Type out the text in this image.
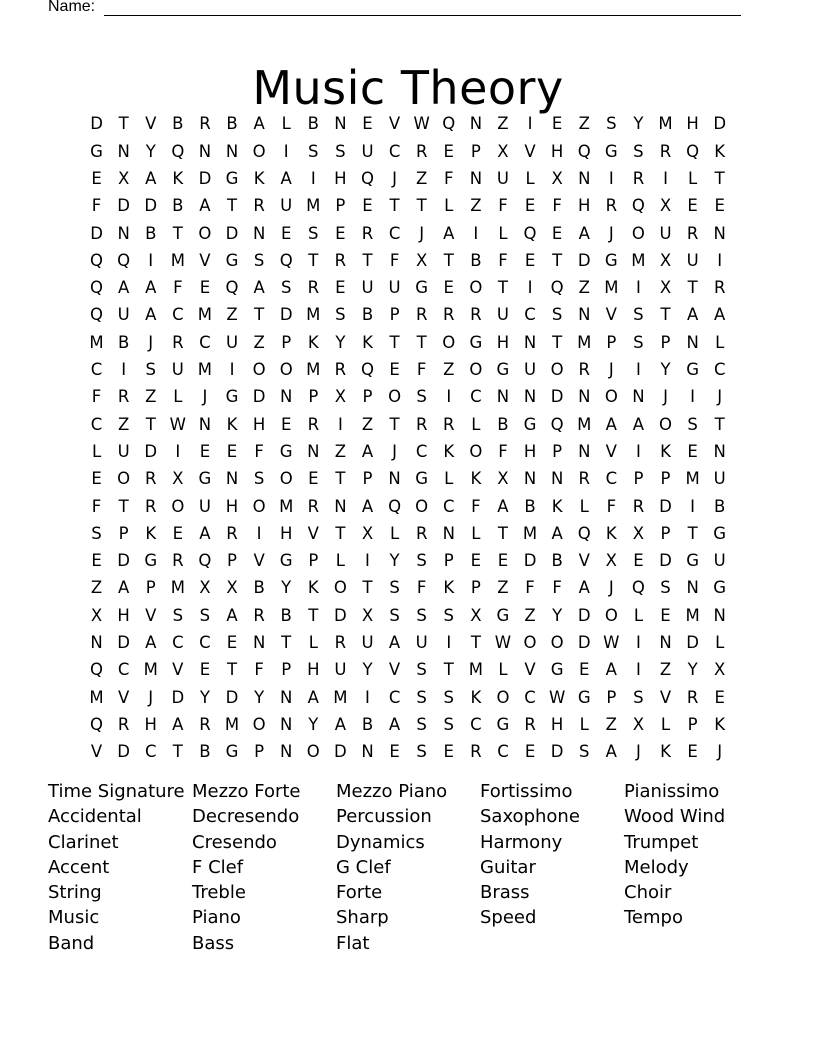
Name:
Music Theory
D T V B R B A	L	B N E V W Q N Z	I	E Z S	Y M H D
G N Y Q N N O	I	S	S U C R E	P X V H Q G S R Q K
E X A K D G K A	I	H Q	J	Z	F N U L	X N	I	R	I	L	T
F D D B A T R U M P	E	T	T	L	Z	F	E	F H R Q X E	E
D N B T O D N E	S	E R C	J	A	I	L Q E A	J	O U R N
Q Q	I	M V G S Q T R T	F	X T B	F	E	T D G M X U	I
Q A A	F	E Q A S R E U U G E O T	I	Q Z M	I	X T R
Q U A C M Z T D M S B P R R R U C S N V S	T A A
M B	J	R C U Z P	K	Y	K	T	T O G H N T M P	S	P N L
C	I	S U M	I	O O M R Q E	F	Z O G U O R	J	I	Y G C
F	R Z	L	J	G D N P X P O S	I	C N N D N O N	J	I	J
C Z T W N K H E R	I	Z T R R	L	B G Q M A A O S	T
L U D	I	E	E	F G N Z A	J	C K O F H P N V	I	K E N
E O R X G N S O E	T	P N G L	K X N N R C P	P M U
F	T R O U H O M R N A Q O C	F	A B K	L	F	R D	I	B
S	P	K E A R	I	H V T X	L	R N L	T M A Q K X P	T G
E D G R Q P V G P	L	I	Y	S	P	E	E D B V X E D G U
Z A P M X X B Y	K O T	S	F	K	P Z	F	F	A	J	Q S N G
X H V S	S A R B T D X S	S	S X G Z Y D O L	E M N
N D A C C E N T	L	R U A U	I	T W O O D W	I	N D L
Q C M V E	T	F	P H U Y V S	T M L	V G E A	I	Z Y X
M V	J	D Y D Y N A M	I	C S	S K O C W G P	S V R E
Q R H A R M O N Y A B A S	S C G R H L	Z X	L	P	K
V D C T B G P N O D N E	S	E R C E D S A	J	K E	J
Time Signature Mezzo Forte	Mezzo Piano	Fortissimo	Pianissimo
Accidental	Decresendo	Percussion	Saxophone	Wood Wind
Clarinet	Cresendo	Dynamics	Harmony	Trumpet
Accent	F Clef	G Clef	Guitar	Melody
String	Treble	Forte	Brass	Choir
Music	Piano	Sharp	Speed	Tempo
Band	Bass	Flat
